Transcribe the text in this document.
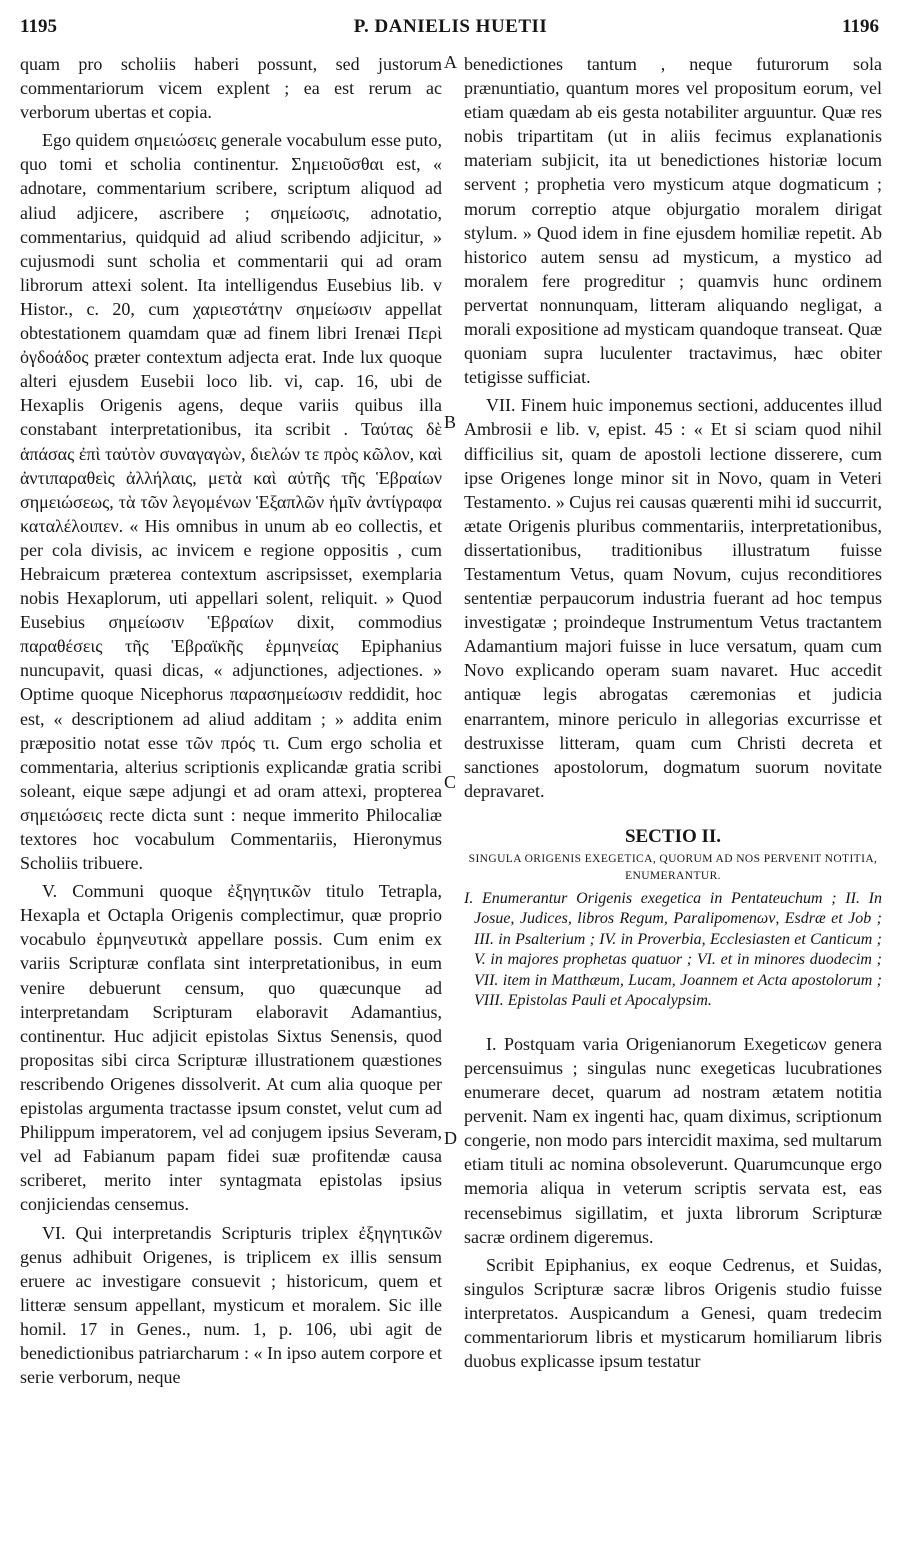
1195	P. DANIELIS HUETII	1196
A
B
C
D

quam pro scholiis haberi possunt, sed justorum commentariorum vicem explent ; ea est rerum ac verborum ubertas et copia.

Ego quidem σημειώσεις generale vocabulum esse puto, quo tomi et scholia continentur. Σημειοῦσθαι est, « adnotare, commentarium scribere, scriptum aliquod ad aliud adjicere, ascribere ; σημείωσις, adnotatio, commentarius, quidquid ad aliud scribendo adjicitur, » cujusmodi sunt scholia et commentarii qui ad oram librorum attexi solent. Ita intelligendus Eusebius lib. v Histor., c. 20, cum χαριεστάτην σημείωσιν appellat obtestationem quamdam quæ ad finem libri Irenæi Περὶ ὀγδοάδος præter contextum adjecta erat. Inde lux quoque alteri ejusdem Eusebii loco lib. vi, cap. 16, ubi de Hexaplis Origenis agens, deque variis quibus illa constabant interpretationibus, ita scribit . Ταύτας δὲ ἁπάσας ἐπὶ ταὐτὸν συναγαγὼν, διελών τε πρὸς κῶλον, καὶ ἀντιπαραθεὶς ἀλλήλαις, μετὰ καὶ αὐτῆς τῆς Ἑβραίων σημειώσεως, τὰ τῶν λεγομένων Ἑξαπλῶν ἡμῖν ἀντίγραφα καταλέλοιπεν. « His omnibus in unum ab eo collectis, et per cola divisis, ac invicem e regione oppositis , cum Hebraicum præterea contextum ascripsisset, exemplaria nobis Hexaplorum, uti appellari solent, reliquit. » Quod Eusebius σημείωσιν Ἑβραίων dixit, commodius παραθέσεις τῆς Ἑβραϊκῆς ἑρμηνείας Epiphanius nuncupavit, quasi dicas, « adjunctiones, adjectiones. » Optime quoque Nicephorus παρασημείωσιν reddidit, hoc est, « descriptionem ad aliud additam ; » addita enim præpositio notat esse τῶν πρός τι. Cum ergo scholia et commentaria, alterius scriptionis explicandæ gratia scribi soleant, eique sæpe adjungi et ad oram attexi, propterea σημειώσεις recte dicta sunt : neque immerito Philocaliæ textores hoc vocabulum Commentariis, Hieronymus Scholiis tribuere.

V. Communi quoque ἐξηγητικῶν titulo Tetrapla, Hexapla et Octapla Origenis complectimur, quæ proprio vocabulo ἑρμηνευτικὰ appellare possis. Cum enim ex variis Scripturæ conflata sint interpretationibus, in eum venire debuerunt censum, quo quæcunque ad interpretandam Scripturam elaboravit Adamantius, continentur. Huc adjicit epistolas Sixtus Senensis, quod propositas sibi circa Scripturæ illustrationem quæstiones rescribendo Origenes dissolverit. At cum alia quoque per epistolas argumenta tractasse ipsum constet, velut cum ad Philippum imperatorem, vel ad conjugem ipsius Severam, vel ad Fabianum papam fidei suæ profitendæ causa scriberet, merito inter syntagmata epistolas ipsius conjiciendas censemus.

VI. Qui interpretandis Scripturis triplex ἐξηγητικῶν genus adhibuit Origenes, is triplicem ex illis sensum eruere ac investigare consuevit ; historicum, quem et litteræ sensum appellant, mysticum et moralem. Sic ille homil. 17 in Genes., num. 1, p. 106, ubi agit de benedictionibus patriarcharum : « In ipso autem corpore et serie verborum, neque

benedictiones tantum , neque futurorum sola prænuntiatio, quantum mores vel propositum eorum, vel etiam quædam ab eis gesta notabiliter arguuntur. Quæ res nobis tripartitam (ut in aliis fecimus explanationis materiam subjicit, ita ut benedictiones historiæ locum servent ; prophetia vero mysticum atque dogmaticum ; morum correptio atque objurgatio moralem dirigat stylum. » Quod idem in fine ejusdem homiliæ repetit. Ab historico autem sensu ad mysticum, a mystico ad moralem fere progreditur ; quamvis hunc ordinem pervertat nonnunquam, litteram aliquando negligat, a morali expositione ad mysticam quandoque transeat. Quæ quoniam supra luculenter tractavimus, hæc obiter tetigisse sufficiat.

VII. Finem huic imponemus sectioni, adducentes illud Ambrosii e lib. v, epist. 45 : « Et si sciam quod nihil difficilius sit, quam de apostoli lectione disserere, cum ipse Origenes longe minor sit in Novo, quam in Veteri Testamento. » Cujus rei causas quærenti mihi id succurrit, ætate Origenis pluribus commentariis, interpretationibus, dissertationibus, traditionibus illustratum fuisse Testamentum Vetus, quam Novum, cujus reconditiores sententiæ perpaucorum industria fuerant ad hoc tempus investigatæ ; proindeque Instrumentum Vetus tractantem Adamantium majori fuisse in luce versatum, quam cum Novo explicando operam suam navaret. Huc accedit antiquæ legis abrogatas cæremonias et judicia enarrantem, minore periculo in allegorias excurrisse et destruxisse litteram, quam cum Christi decreta et sanctiones apostolorum, dogmatum suorum novitate depravaret.

SECTIO II.
SINGULA ORIGENIS EXEGETICA, QUORUM AD NOS PERVENIT NOTITIA, ENUMERANTUR.
I. Enumerantur Origenis exegetica in Pentateuchum ; II. In Josue, Judices, libros Regum, Paralipomenων, Esdræ et Job ; III. in Psalterium ; IV. in Proverbia, Ecclesiasten et Canticum ; V. in majores prophetas quatuor ; VI. et in minores duodecim ; VII. item in Matthæum, Lucam, Joannem et Acta apostolorum ; VIII. Epistolas Pauli et Apocalypsim.

I. Postquam varia Origenianorum Exegeticων genera percensuimus ; singulas nunc exegeticas lucubrationes enumerare decet, quarum ad nostram ætatem notitia pervenit. Nam ex ingenti hac, quam diximus, scriptionum congerie, non modo pars intercidit maxima, sed multarum etiam tituli ac nomina obsoleverunt. Quarumcunque ergo memoria aliqua in veterum scriptis servata est, eas recensebimus sigillatim, et juxta librorum Scripturæ sacræ ordinem digeremus.

Scribit Epiphanius, ex eoque Cedrenus, et Suidas, singulos Scripturæ sacræ libros Origenis studio fuisse interpretatos. Auspicandum a Genesi, quam tredecim commentariorum libris et mysticarum homiliarum libris duobus explicasse ipsum testatur
